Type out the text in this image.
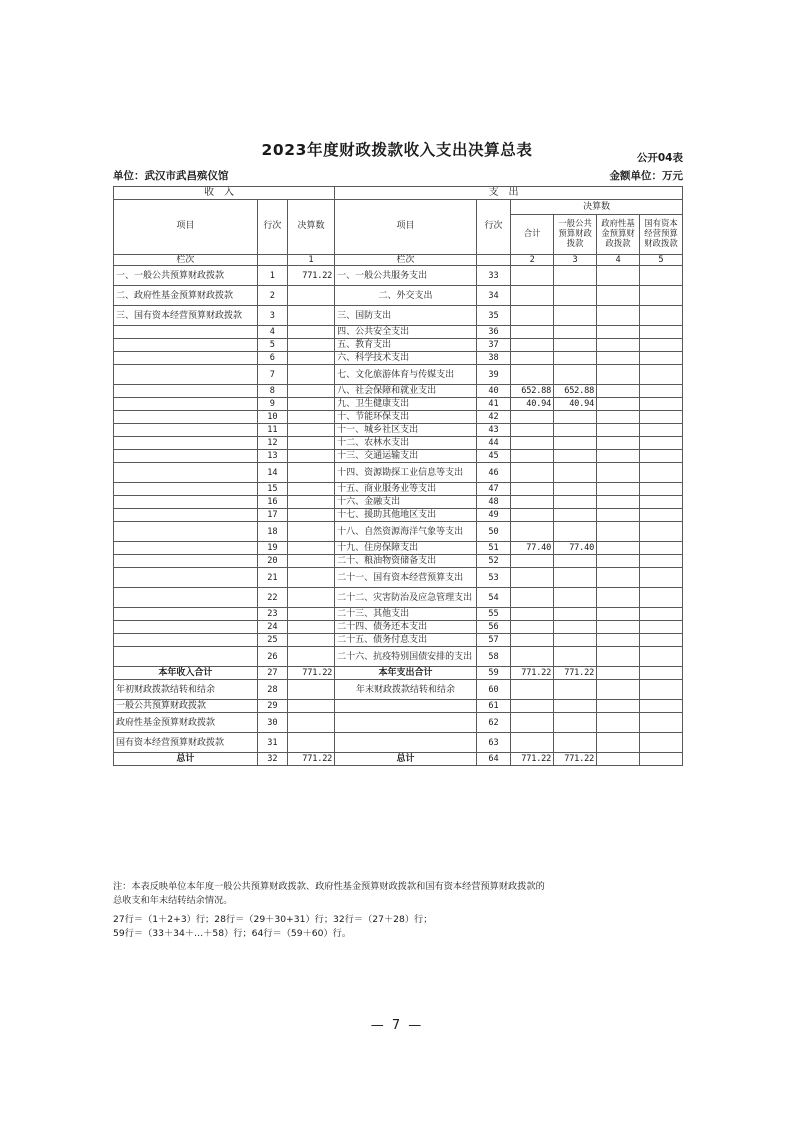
2023年度财政拨款收入支出决算总表	公开04表
单位：武汉市武昌殡仪馆	金额单位：万元
收入			支出					
项目	行次	决算数	项目	行次	决算数			
					合计	一般公共预算财政拨款	政府性基金预算财政拨款	国有资本经营预算财政拨款
栏次		1	栏次		2	3	4	5
一、一般公共预算财政拨款	1	771.22	一、一般公共服务支出	33				
二、政府性基金预算财政拨款	2		二、外交支出	34				
三、国有资本经营预算财政拨款	3		三、国防支出	35				
	4		四、公共安全支出	36				
	5		五、教育支出	37				
	6		六、科学技术支出	38				
	7		七、文化旅游体育与传媒支出	39				
	8		八、社会保障和就业支出	40	652.88	652.88		
	9		九、卫生健康支出	41	40.94	40.94		
	10		十、节能环保支出	42				
	11		十一、城乡社区支出	43				
	12		十二、农林水支出	44				
	13		十三、交通运输支出	45				
	14		十四、资源勘探工业信息等支出	46				
	15		十五、商业服务业等支出	47				
	16		十六、金融支出	48				
	17		十七、援助其他地区支出	49				
	18		十八、自然资源海洋气象等支出	50				
	19		十九、住房保障支出	51	77.40	77.40		
	20		二十、粮油物资储备支出	52				
	21		二十一、国有资本经营预算支出	53				
	22		二十二、灾害防治及应急管理支出	54				
	23		二十三、其他支出	55				
	24		二十四、债务还本支出	56				
	25		二十五、债务付息支出	57				
	26		二十六、抗疫特别国债安排的支出	58				
本年收入合计	27	771.22	本年支出合计	59	771.22	771.22		
年初财政拨款结转和结余	28		年末财政拨款结转和结余	60				
一般公共预算财政拨款	29			61				
政府性基金预算财政拨款	30			62				
国有资本经营预算财政拨款	31			63				
总计	32	771.22	总计	64	771.22	771.22		
注：本表反映单位本年度一般公共预算财政拨款、政府性基金预算财政拨款和国有资本经营预算财政拨款的
总收支和年末结转结余情况。
27行＝（1＋2+3）行；28行＝（29＋30+31）行；32行＝（27＋28）行；
59行＝（33＋34＋…＋58）行；64行＝（59＋60）行。
— 7 —
